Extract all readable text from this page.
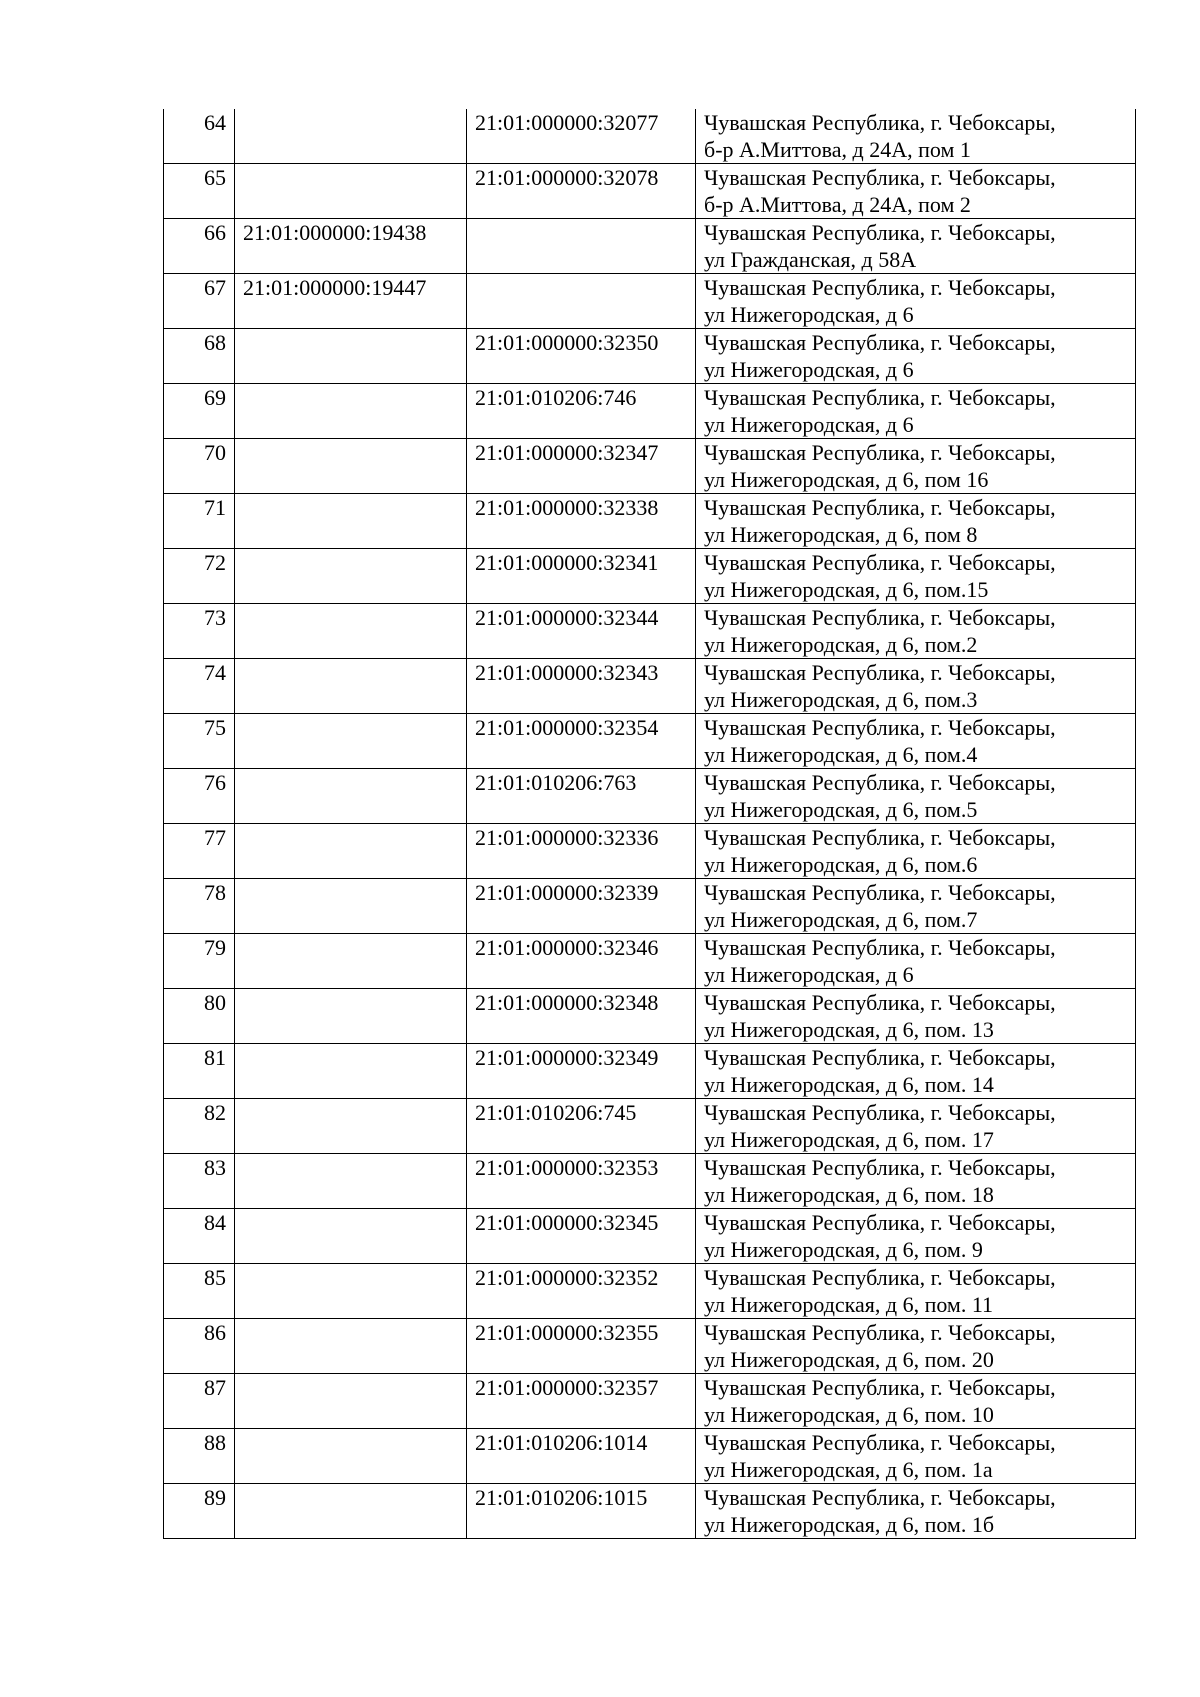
64		21:01:000000:32077	Чувашская Республика, г. Чебоксары,
б-р А.Миттова, д 24А, пом 1

65		21:01:000000:32078	Чувашская Республика, г. Чебоксары,
б-р А.Миттова, д 24А, пом 2

66	21:01:000000:19438		Чувашская Республика, г. Чебоксары,
ул Гражданская, д 58А

67	21:01:000000:19447		Чувашская Республика, г. Чебоксары,
ул Нижегородская, д 6

68		21:01:000000:32350	Чувашская Республика, г. Чебоксары,
ул Нижегородская, д 6

69		21:01:010206:746	Чувашская Республика, г. Чебоксары,
ул Нижегородская, д 6

70		21:01:000000:32347	Чувашская Республика, г. Чебоксары,
ул Нижегородская, д 6, пом 16

71		21:01:000000:32338	Чувашская Республика, г. Чебоксары,
ул Нижегородская, д 6, пом 8

72		21:01:000000:32341	Чувашская Республика, г. Чебоксары,
ул Нижегородская, д 6, пом.15

73		21:01:000000:32344	Чувашская Республика, г. Чебоксары,
ул Нижегородская, д 6, пом.2

74		21:01:000000:32343	Чувашская Республика, г. Чебоксары,
ул Нижегородская, д 6, пом.3

75		21:01:000000:32354	Чувашская Республика, г. Чебоксары,
ул Нижегородская, д 6, пом.4

76		21:01:010206:763	Чувашская Республика, г. Чебоксары,
ул Нижегородская, д 6, пом.5

77		21:01:000000:32336	Чувашская Республика, г. Чебоксары,
ул Нижегородская, д 6, пом.6

78		21:01:000000:32339	Чувашская Республика, г. Чебоксары,
ул Нижегородская, д 6, пом.7

79		21:01:000000:32346	Чувашская Республика, г. Чебоксары,
ул Нижегородская, д 6

80		21:01:000000:32348	Чувашская Республика, г. Чебоксары,
ул Нижегородская, д 6, пом. 13

81		21:01:000000:32349	Чувашская Республика, г. Чебоксары,
ул Нижегородская, д 6, пом. 14

82		21:01:010206:745	Чувашская Республика, г. Чебоксары,
ул Нижегородская, д 6, пом. 17

83		21:01:000000:32353	Чувашская Республика, г. Чебоксары,
ул Нижегородская, д 6, пом. 18

84		21:01:000000:32345	Чувашская Республика, г. Чебоксары,
ул Нижегородская, д 6, пом. 9

85		21:01:000000:32352	Чувашская Республика, г. Чебоксары,
ул Нижегородская, д 6, пом. 11

86		21:01:000000:32355	Чувашская Республика, г. Чебоксары,
ул Нижегородская, д 6, пом. 20

87		21:01:000000:32357	Чувашская Республика, г. Чебоксары,
ул Нижегородская, д 6, пом. 10

88		21:01:010206:1014	Чувашская Республика, г. Чебоксары,
ул Нижегородская, д 6, пом. 1а

89		21:01:010206:1015	Чувашская Республика, г. Чебоксары,
ул Нижегородская, д 6, пом. 1б
